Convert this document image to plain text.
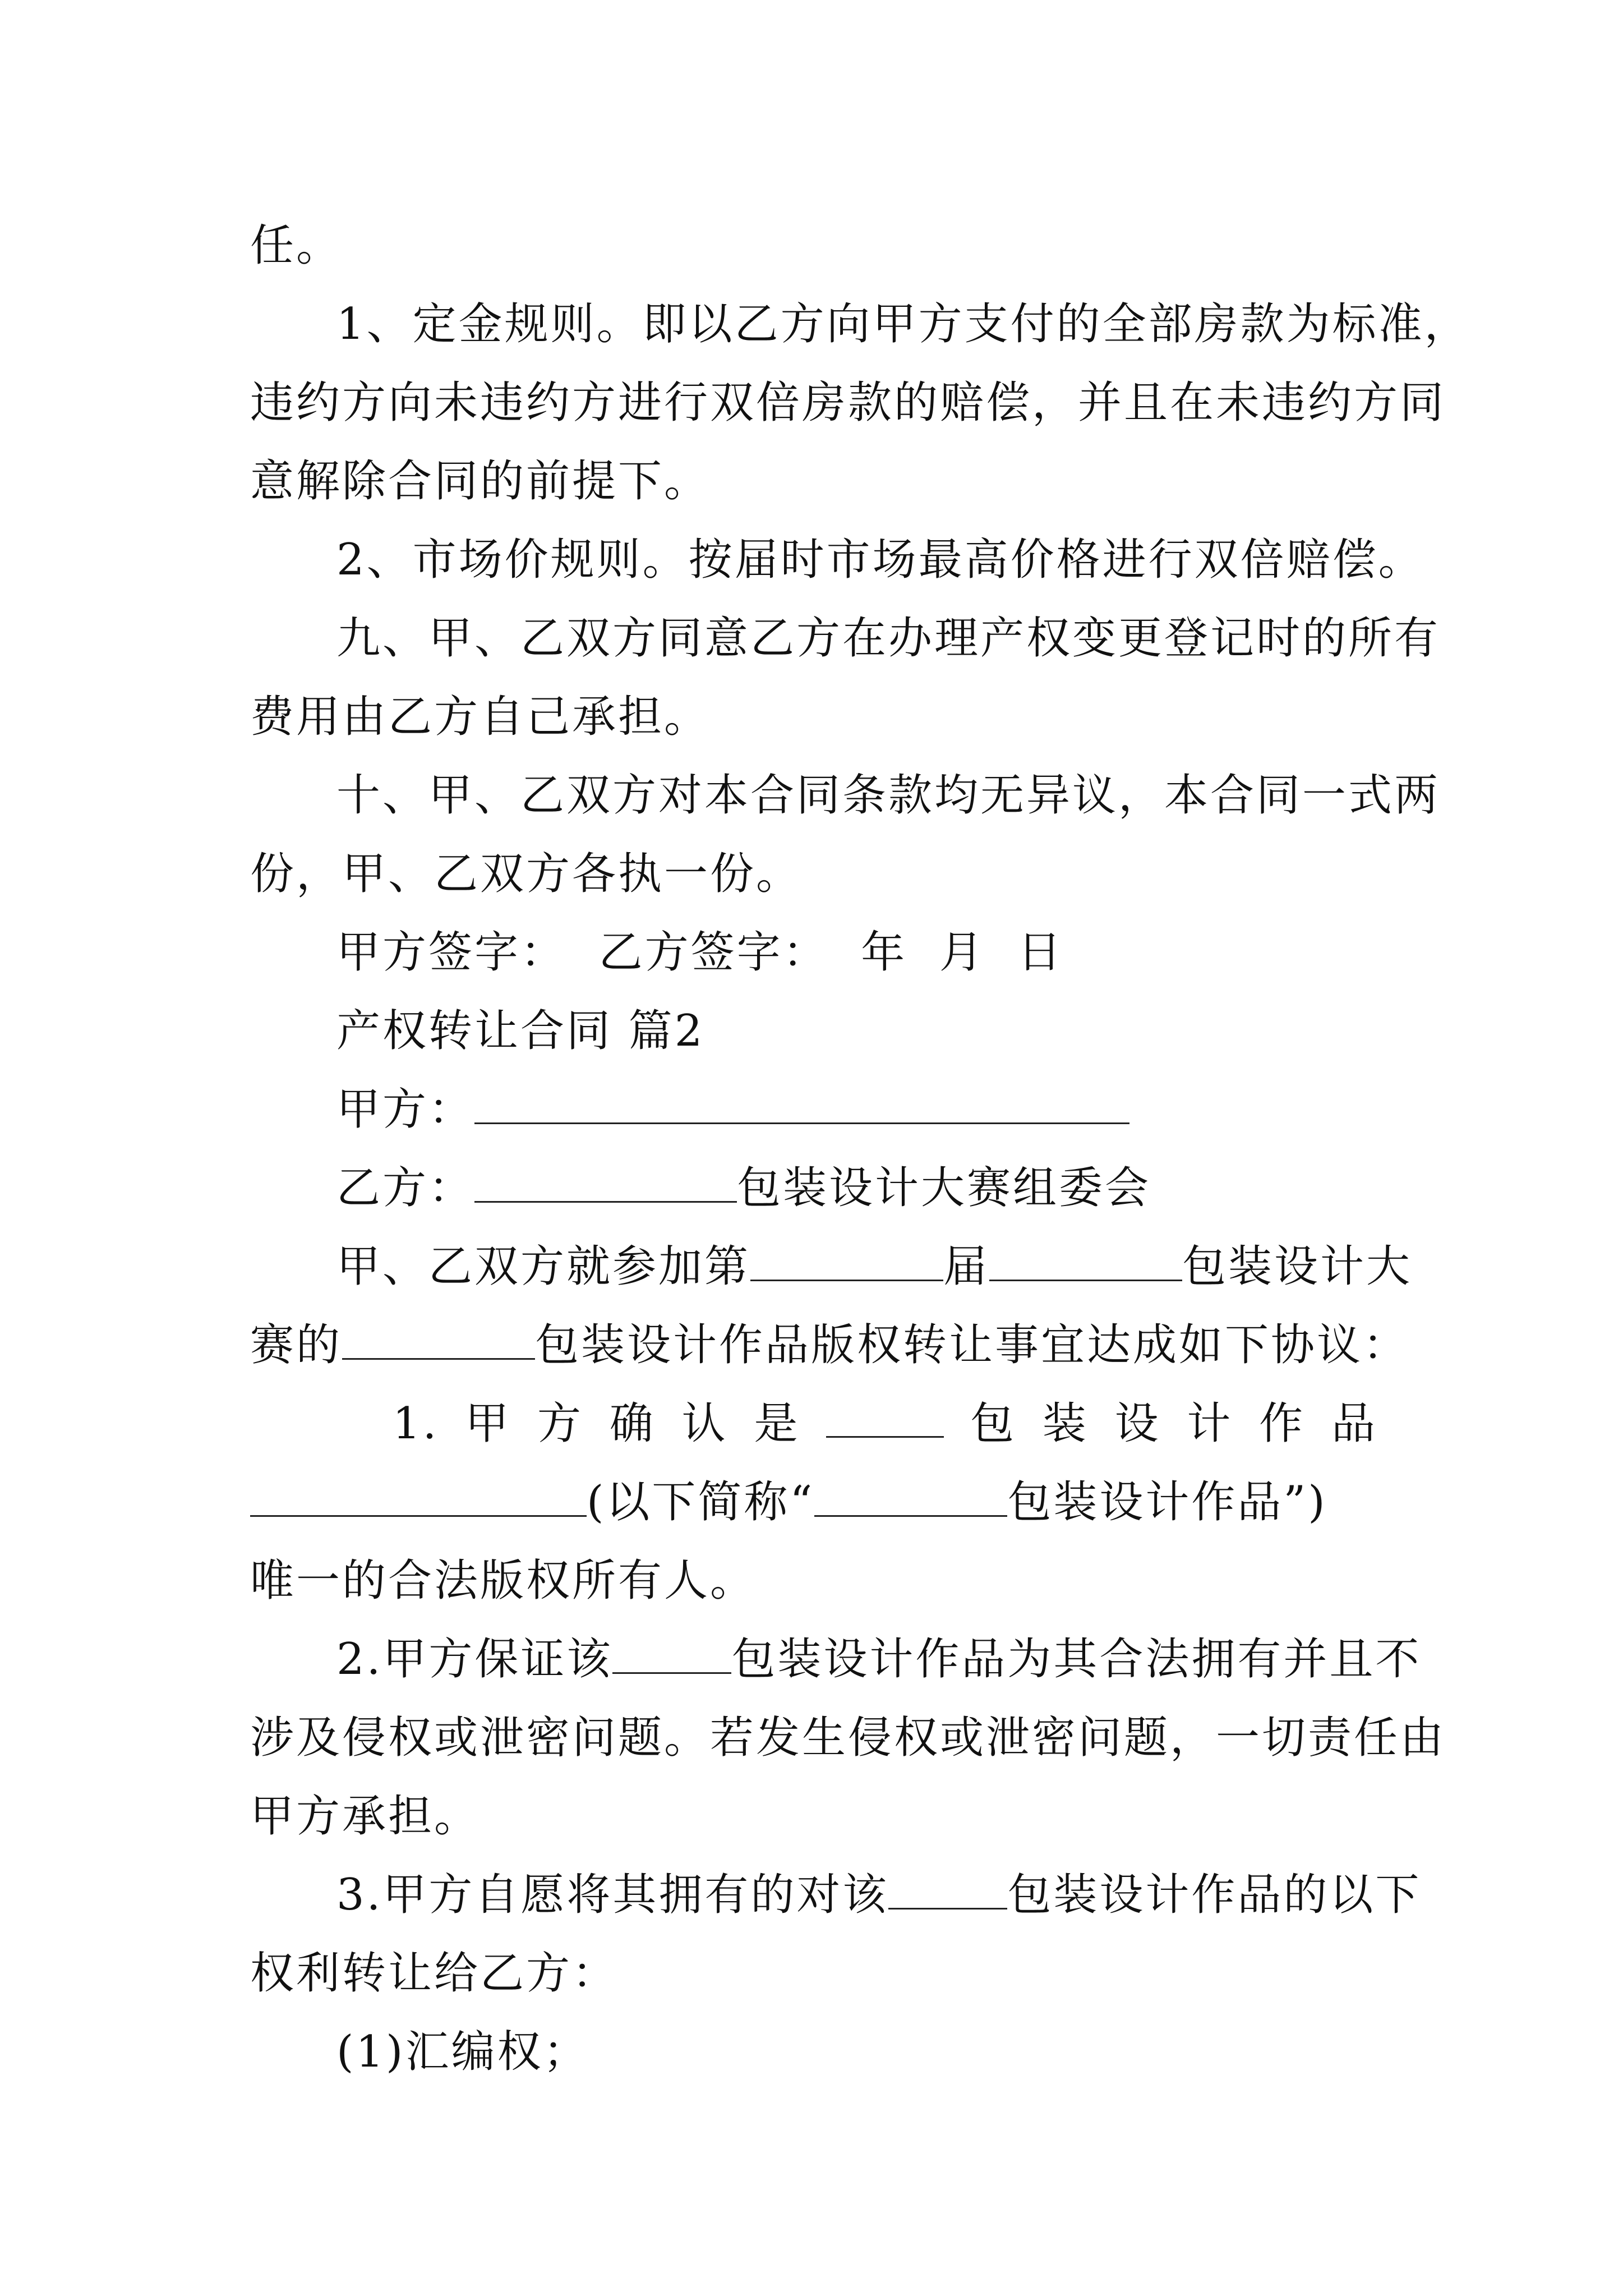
任。
1、定金规则。即以乙方向甲方支付的全部房款为标准，
违约方向未违约方进行双倍房款的赔偿，并且在未违约方同
意解除合同的前提下。
2、市场价规则。按届时市场最高价格进行双倍赔偿。
九、甲、乙双方同意乙方在办理产权变更登记时的所有
费用由乙方自己承担。
十、甲、乙双方对本合同条款均无异议，本合同一式两
份，甲、乙双方各执一份。
甲方签字：  乙方签字：  年  月  日
产权转让合同 篇2
甲方：
乙方：	包装设计大赛组委会
甲、乙双方就参加第	届	包装设计大
赛的	包装设计作品版权转让事宜达成如下协议：
1. 甲 方 确 认 是	包 装 设 计 作 品
(以下简称“	包装设计作品”)
唯一的合法版权所有人。
2.甲方保证该	包装设计作品为其合法拥有并且不
涉及侵权或泄密问题。若发生侵权或泄密问题，一切责任由
甲方承担。
3.甲方自愿将其拥有的对该	包装设计作品的以下
权利转让给乙方：
(1)汇编权；
